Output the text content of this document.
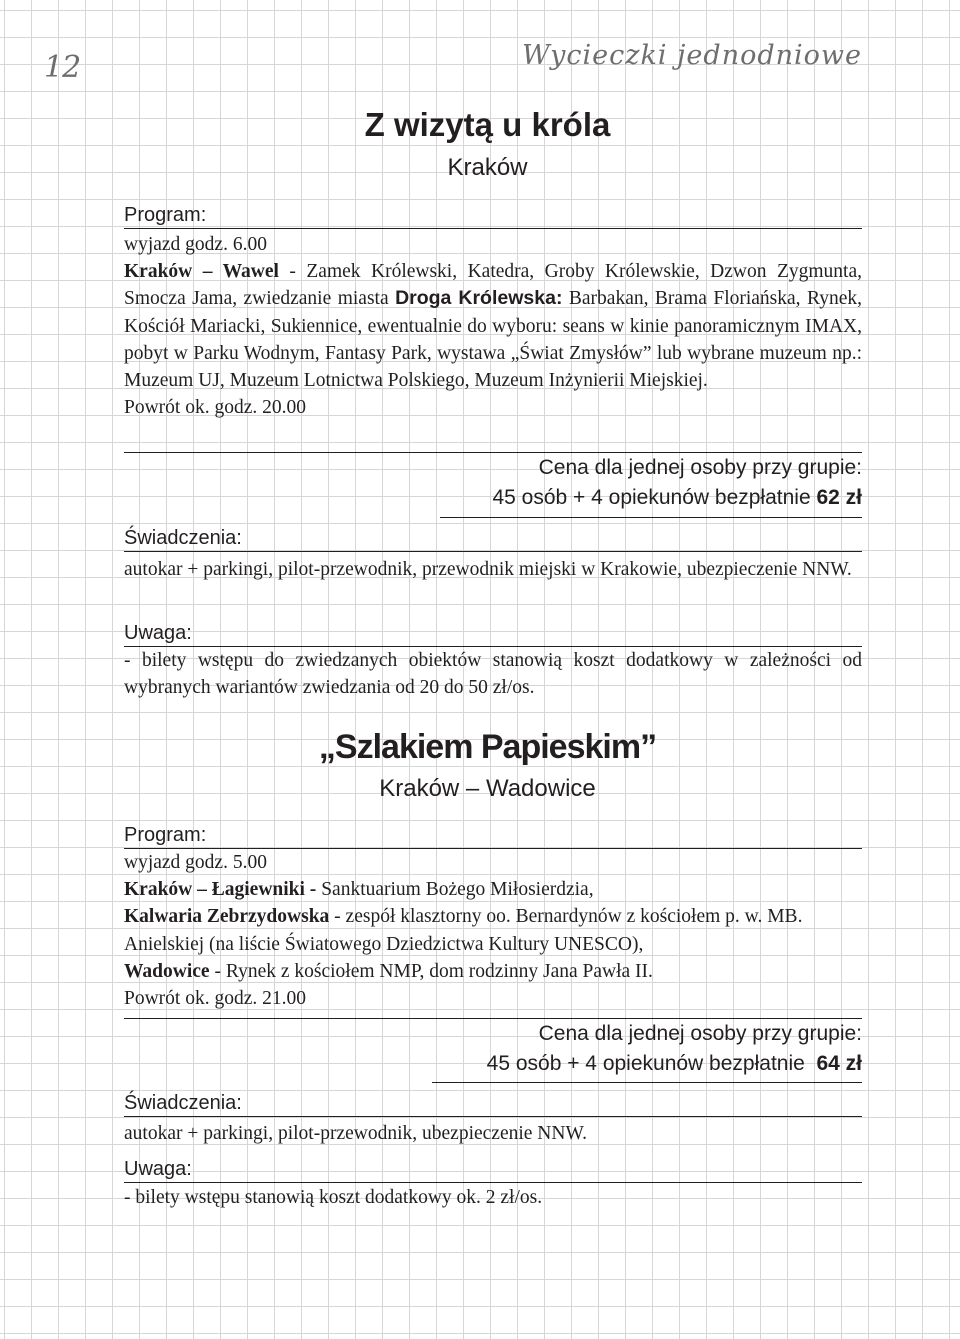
12	Wycieczki jednodniowe
Z wizytą u króla
Kraków
Program:
wyjazd godz. 6.00
Kraków – Wawel - Zamek Królewski, Katedra, Groby Królewskie, Dzwon Zygmunta, Smocza Jama, zwiedzanie miasta Droga Królewska: Barbakan, Brama Floriańska, Rynek, Kościół Mariacki, Sukiennice, ewentualnie do wyboru: seans w kinie panoramicznym IMAX, pobyt w Parku Wodnym, Fantasy Park, wystawa „Świat Zmysłów” lub wybrane muzeum np.: Muzeum UJ, Muzeum Lotnictwa Polskiego, Muzeum Inżynierii Miejskiej.
Powrót ok. godz. 20.00
Cena dla jednej osoby przy grupie:
45 osób + 4 opiekunów bezpłatnie 62 zł
Świadczenia:
autokar + parkingi, pilot-przewodnik, przewodnik miejski w Krakowie, ubezpieczenie NNW.
Uwaga:
- bilety wstępu do zwiedzanych obiektów stanowią koszt dodatkowy w zależności od wybranych wariantów zwiedzania od 20 do 50 zł/os.
„Szlakiem Papieskim”
Kraków – Wadowice
Program:
wyjazd godz. 5.00
Kraków – Łagiewniki - Sanktuarium Bożego Miłosierdzia,
Kalwaria Zebrzydowska - zespół klasztorny oo. Bernardynów z kościołem p. w. MB. Anielskiej (na liście Światowego Dziedzictwa Kultury UNESCO),
Wadowice - Rynek z kościołem NMP, dom rodzinny Jana Pawła II.
Powrót ok. godz. 21.00
Cena dla jednej osoby przy grupie:
45 osób + 4 opiekunów bezpłatnie  64 zł
Świadczenia:
autokar + parkingi, pilot-przewodnik, ubezpieczenie NNW.
Uwaga:
- bilety wstępu stanowią koszt dodatkowy ok. 2 zł/os.
